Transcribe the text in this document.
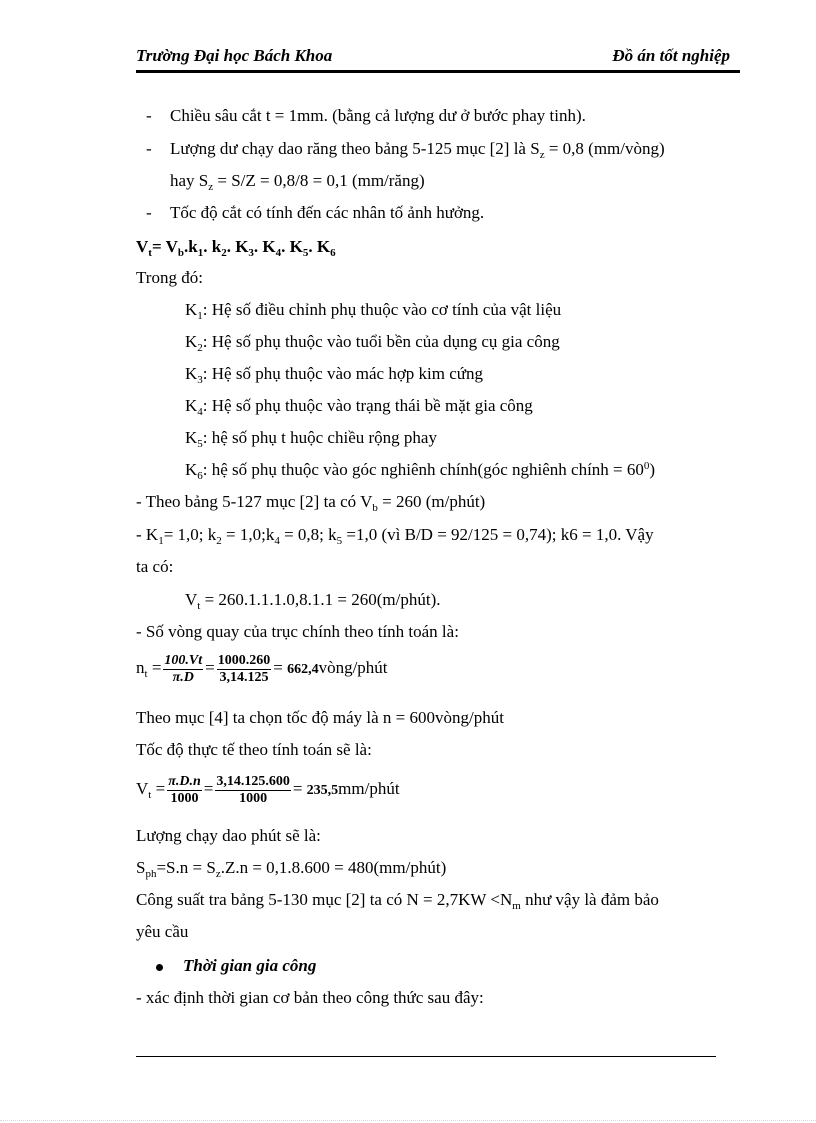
Trường Đại học Bách Khoa	Đồ án tốt nghiệp
- Chiều sâu cắt t = 1mm. (bằng cả lượng dư ở bước phay tinh).
- Lượng dư chạy dao răng theo bảng 5-125 mục [2] là $S_z = 0,8$ (mm/vòng)
hay $S_z = S/Z = 0,8/8 = 0,1$ (mm/răng)
- Tốc độ cắt có tính đến các nhân tố ảnh hưởng.
$V_t= V_b.k_1$. $k_2$. $K_3$. $K_4$. $K_5$. $K_6$
Trong đó:
$K_1$: Hệ số điều chỉnh phụ thuộc vào cơ tính của vật liệu
$K_2$: Hệ số phụ thuộc vào tuổi bền của dụng cụ gia công
$K_3$: Hệ số phụ thuộc vào mác hợp kim cứng
$K_4$: Hệ số phụ thuộc vào trạng thái bề mặt gia công
$K_5$: hệ số phụ t huộc chiều rộng phay
$K_6$: hệ số phụ thuộc vào góc nghiênh chính(góc nghiênh chính = $60^0$)
- Theo bảng 5-127 mục [2] ta có $V_b = 260$ (m/phút)
- $K_1= 1,0$; $k_2$ = $1,0;k_4 = 0,8$; $k_5 =1,0$ (vì B/D = 92/125 = 0,74); k6 = 1,0. Vậy
ta có:
$V_t = 260.1.1.1.0,8.1.1$ = 260(m/phút).
- Số vòng quay của trục chính theo tính toán là:
$n_t = \frac{100.Vt}{\pi.D} = \frac{1000.260}{3,14.125}$ = 662,4vòng/phút
Theo mục [4] ta chọn tốc độ máy là n = 600vòng/phút
Tốc độ thực tế theo tính toán sẽ là:
$V_t = \frac{\pi.D.n}{1000} = \frac{3,14.125.600}{1000}$ = 235,5mm/phút
Lượng chạy dao phút sẽ là:
$S_{ph}=S.n = S_z.Z.n = 0,1.8.600$ = 480(mm/phút)
Công suất tra bảng 5-130 mục [2] ta có $N = 2,7KW <N_m$ như vậy là đảm bảo
yêu cầu
Thời gian gia công
- xác định thời gian cơ bản theo công thức sau đây:
